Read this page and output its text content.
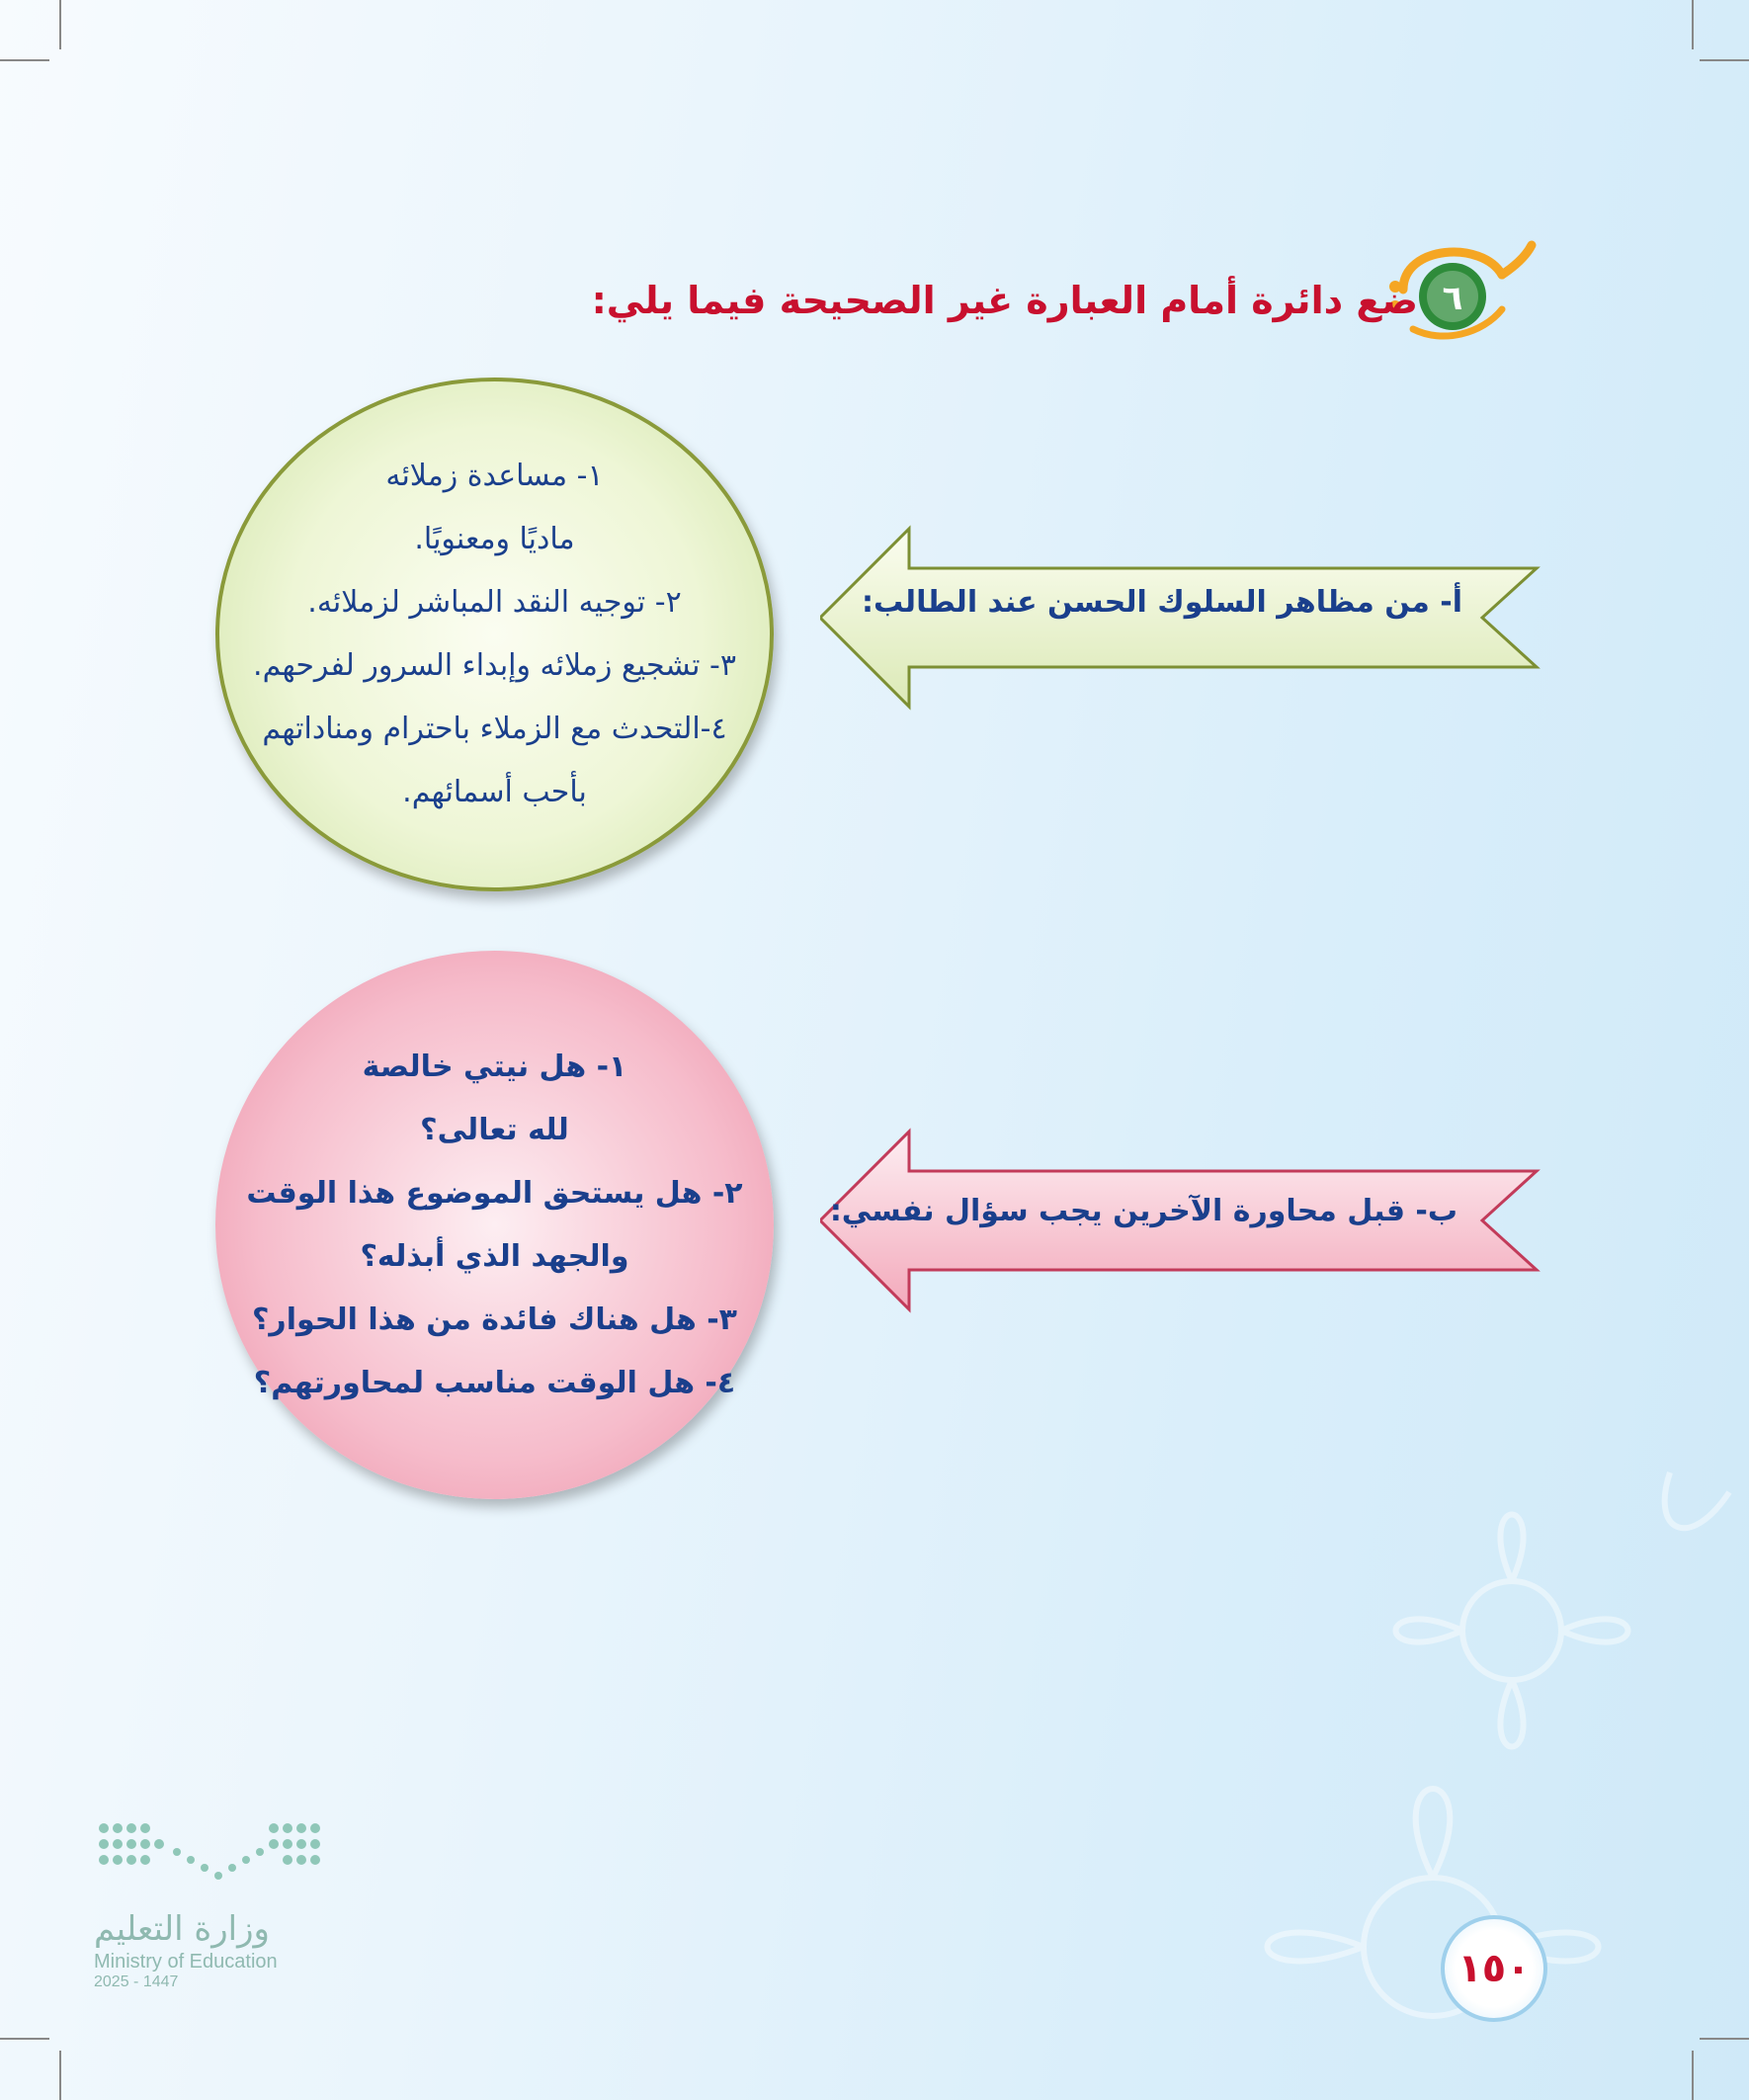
٦
ضع دائرة أمام العبارة غير الصحيحة فيما يلي:
أ- من مظاهر السلوك الحسن عند الطالب:
١- مساعدة زملائه
ماديًا ومعنويًا.
٢- توجيه النقد المباشر لزملائه.
٣- تشجيع زملائه وإبداء السرور لفرحهم.
٤-التحدث مع الزملاء باحترام ومناداتهم
بأحب أسمائهم.
ب- قبل محاورة الآخرين يجب سؤال نفسي:
١- هل نيتي خالصة
لله تعالى؟
٢- هل يستحق الموضوع هذا الوقت
والجهد الذي أبذله؟
٣- هل هناك فائدة من هذا الحوار؟
٤- هل الوقت مناسب لمحاورتهم؟
وزارة التعليم
Ministry of Education
2025 - 1447	١٥٠
